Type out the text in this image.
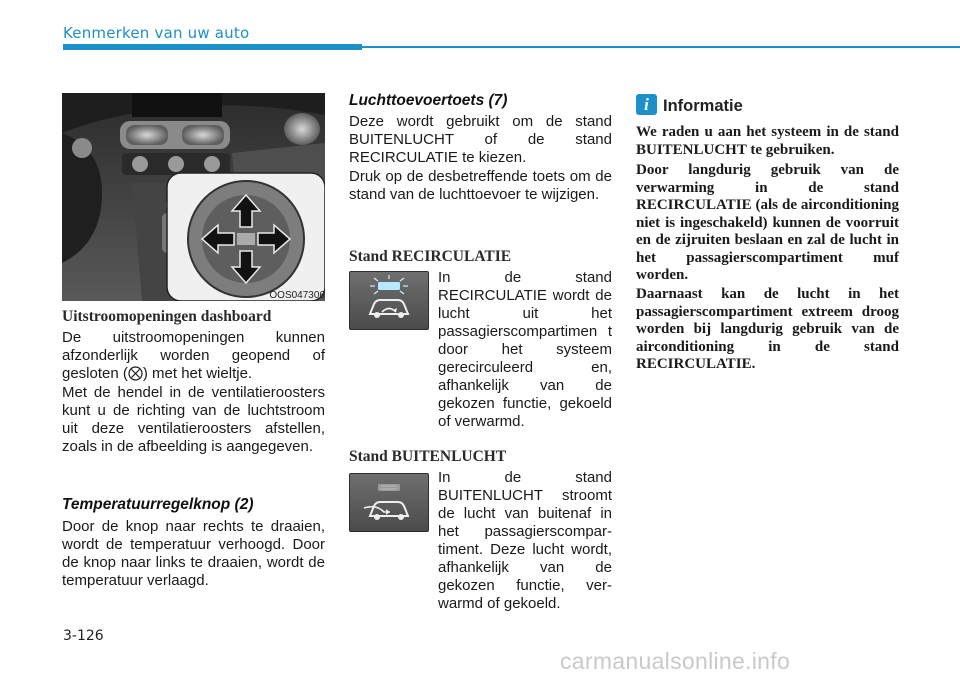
Kenmerken van uw auto
OOS047306

Uitstroomopeningen dashboard

De uitstroomopeningen kunnen afzonderlijk worden geopend of gesloten ( ) met het wieltje.

Met de hendel in de ventilatieroosters kunt u de richting van de luchtstroom uit deze ventilatieroosters afstellen, zoals in de afbeelding is aangegeven.

Temperatuurregelknop (2)

Door de knop naar rechts te draaien, wordt de temperatuur verhoogd. Door de knop naar links te draaien, wordt de temperatuur verlaagd.

Luchttoevoertoets (7)

Deze wordt gebruikt om de stand BUITENLUCHT of de stand RECIRCULATIE te kiezen.

Druk op de desbetreffende toets om de stand van de luchttoevoer te wijzigen.

Stand RECIRCULATIE

In de stand RECIRCULATIE wordt de lucht uit het passagierscompartimen t door het systeem gerecirculeerd en, afhankelijk van de gekozen functie, gekoeld of verwarmd.

Stand BUITENLUCHT

In de stand BUITENLUCHT stroomt de lucht van buitenaf in het passagierscompar-timent. Deze lucht wordt, afhankelijk van de gekozen functie, ver-warmd of gekoeld.

i Informatie

We raden u aan het systeem in de stand BUITENLUCHT te gebruiken.

Door langdurig gebruik van de verwarming in de stand RECIRCULATIE (als de airconditioning niet is ingeschakeld) kunnen de voorruit en de zijruiten beslaan en zal de lucht in het passagierscompartiment muf worden.

Daarnaast kan de lucht in het passagierscompartiment extreem droog worden bij langdurig gebruik van de airconditioning in de stand RECIRCULATIE.

3-126
carmanualsonline.info
